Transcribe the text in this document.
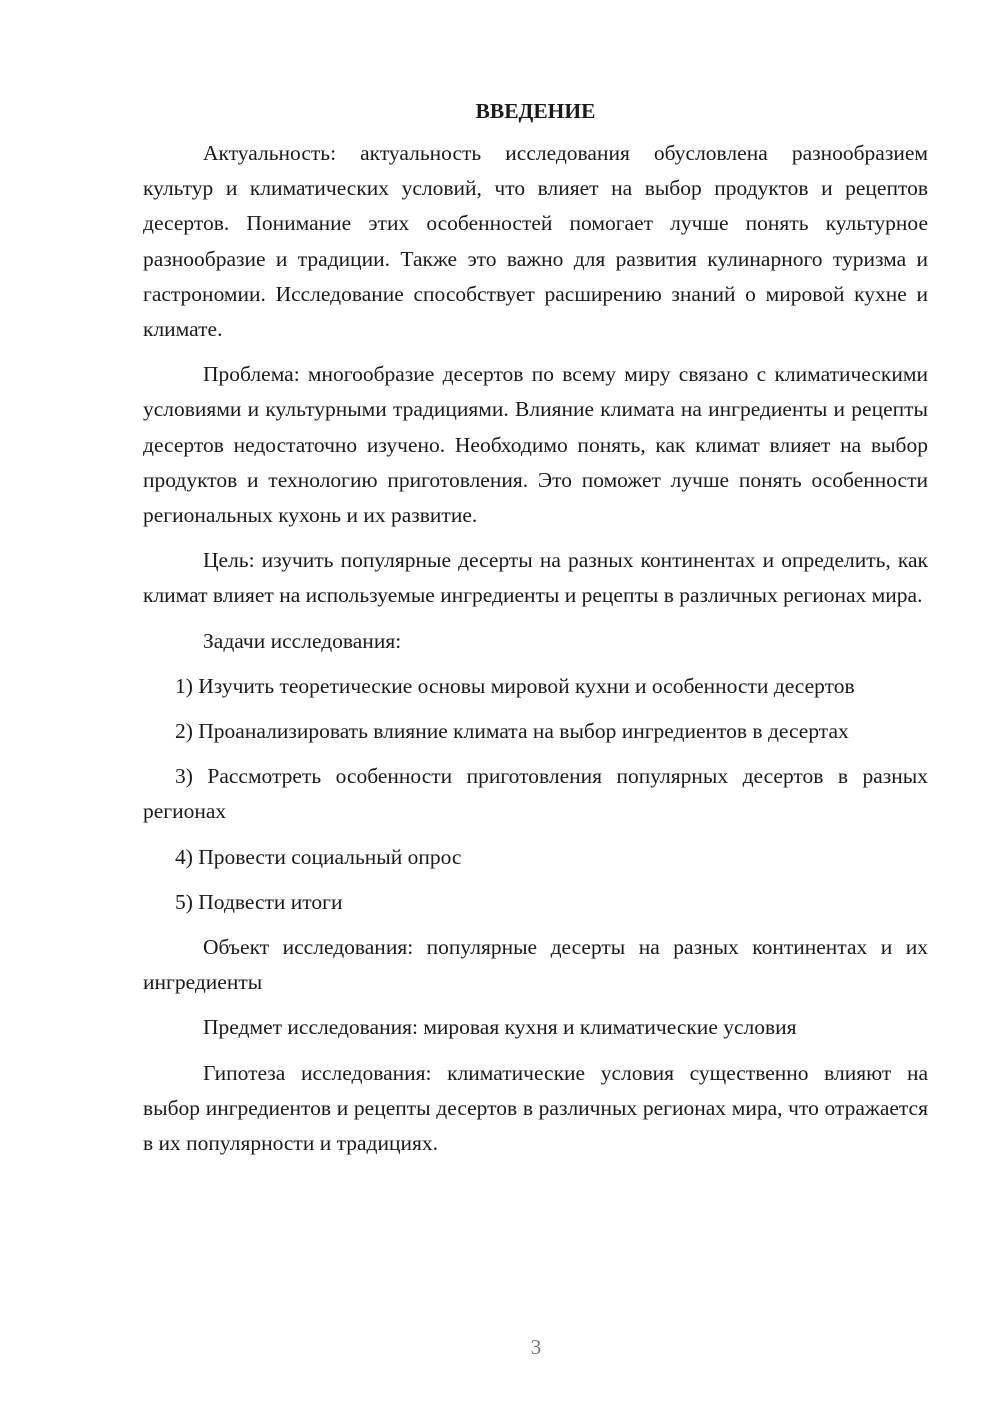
ВВЕДЕНИЕ

Актуальность: актуальность исследования обусловлена разнообразием культур и климатических условий, что влияет на выбор продуктов и рецептов десертов. Понимание этих особенностей помогает лучше понять культурное разнообразие и традиции. Также это важно для развития кулинарного туризма и гастрономии. Исследование способствует расширению знаний о мировой кухне и климате.

Проблема: многообразие десертов по всему миру связано с климатическими условиями и культурными традициями. Влияние климата на ингредиенты и рецепты десертов недостаточно изучено. Необходимо понять, как климат влияет на выбор продуктов и технологию приготовления. Это поможет лучше понять особенности региональных кухонь и их развитие.

Цель: изучить популярные десерты на разных континентах и определить, как климат влияет на используемые ингредиенты и рецепты в различных регионах мира.

Задачи исследования:

1) Изучить теоретические основы мировой кухни и особенности десертов

2) Проанализировать влияние климата на выбор ингредиентов в десертах

3) Рассмотреть особенности приготовления популярных десертов в разных регионах

4) Провести социальный опрос

5) Подвести итоги

Объект исследования: популярные десерты на разных континентах и их ингредиенты

Предмет исследования: мировая кухня и климатические условия

Гипотеза исследования: климатические условия существенно влияют на выбор ингредиентов и рецепты десертов в различных регионах мира, что отражается в их популярности и традициях.

3
